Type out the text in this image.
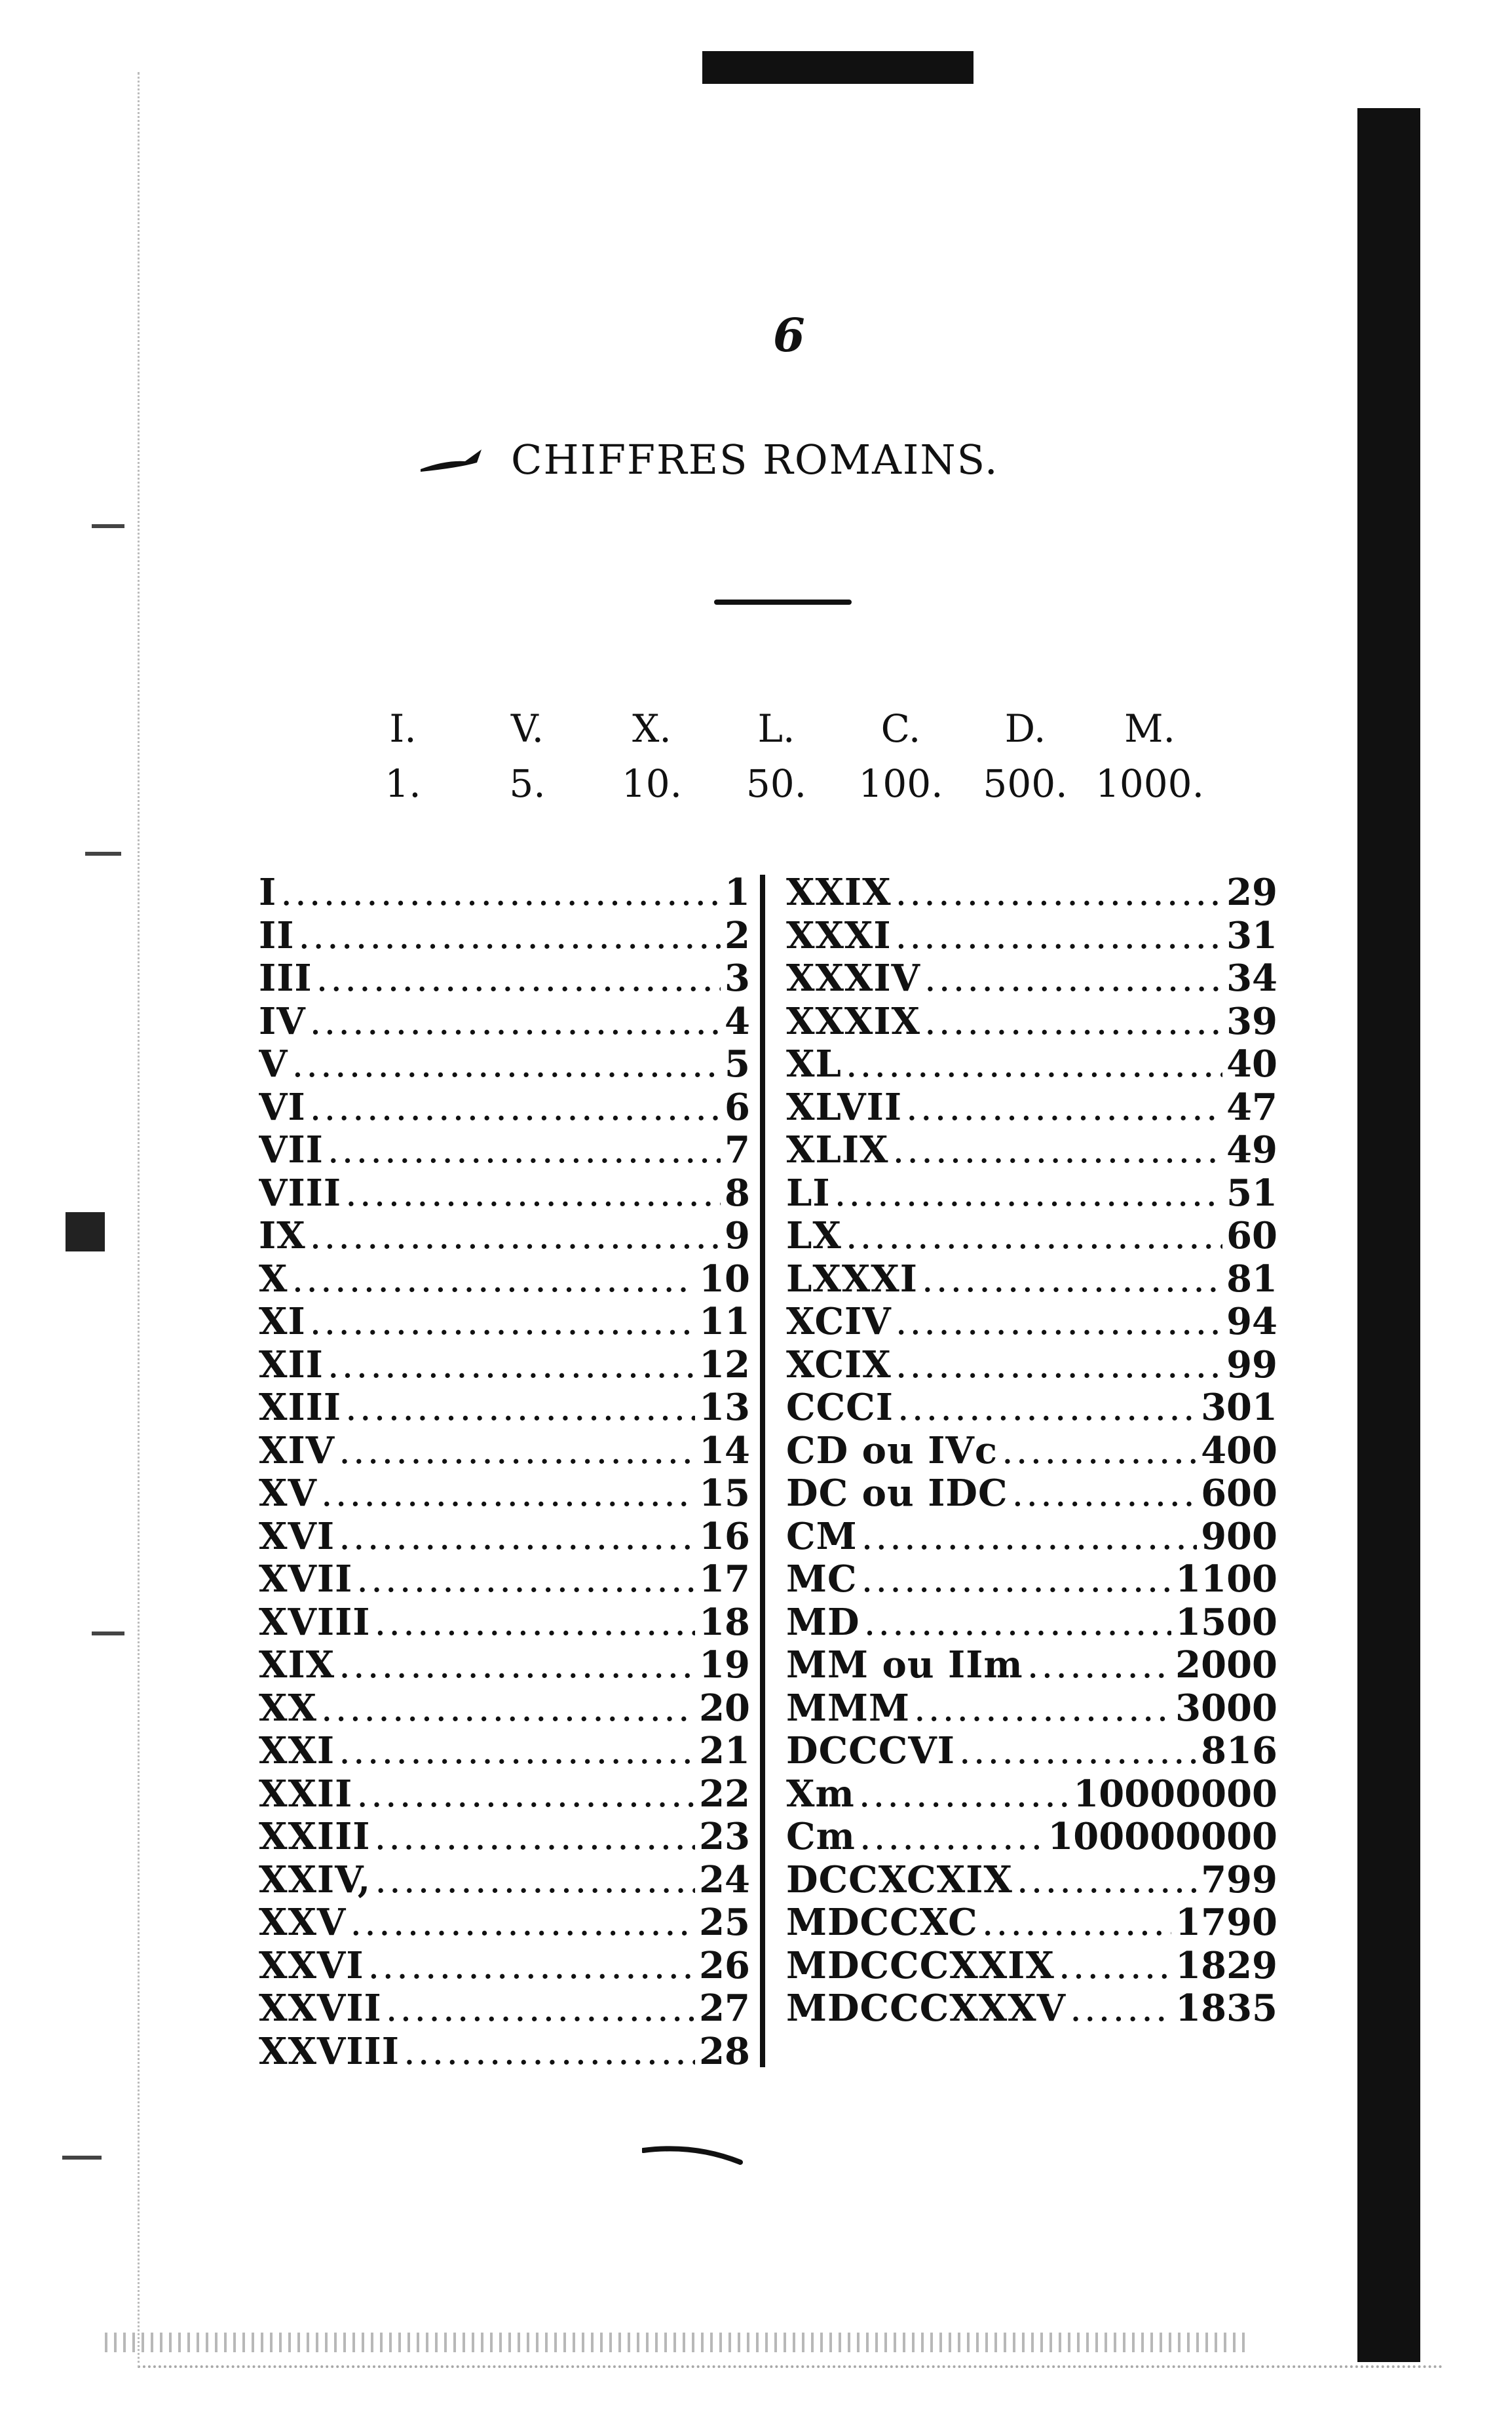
6
CHIFFRES ROMAINS.
I.	V.	X.	L.	C.	D.	M.
1.	5.	10.	50.	100.	500. 1000.
I .....	1
II .....	2
III .....	3
IV .....	4
V .....	5
VI .....	6
VII .....	7
VIII .....	8
IX .....	9
X .....	10
XI .....	11
XII .....	12
XIII .....	13
XIV .....	14
XV .....	15
XVI .....	16
XVII .....	17
XVIII .....	18
XIX .....	19
XX .....	20
XXI .....	21
XXII .....	22
XXIII .....	23
XXIV, .....	24
XXV .....	25
XXVI .....	26
XXVII .....	27
XXVIII .....	28
XXIX .....	29
XXXI .....	31
XXXIV .....	34
XXXIX .....	39
XL .....	40
XLVII .....	47
XLIX .....	49
LI .....	51
LX .....	60
LXXXI .....	81
XCIV .....	94
XCIX .....	99
CCCI .....	301
CD ou IVc .....	400
DC ou IDC .....	600
CM .....	900
MC .....	1100
MD .....	1500
MM ou IIm .....	2000
MMM .....	3000
DCCCVI .....	816
Xm .....	10000000
Cm .....	100000000
DCCXCXIX .....	799
MDCCXC .....	1790
MDCCCXXIX .....	1829
MDCCCXXXV .....	1835
